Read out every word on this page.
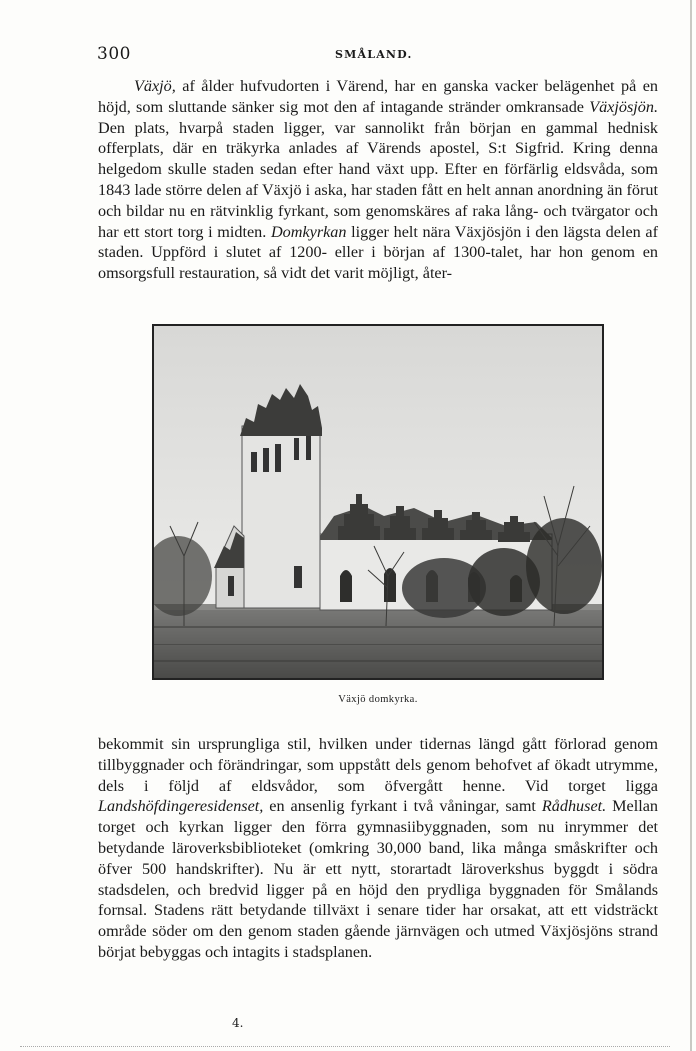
300	SMÅLAND.

Växjö, af ålder hufvudorten i Värend, har en ganska vacker belägenhet på en höjd, som sluttande sänker sig mot den af intagande stränder omkransade Växjösjön. Den plats, hvarpå staden ligger, var sannolikt från början en gammal hednisk offerplats, där en träkyrka anlades af Värends apostel, S:t Sigfrid. Kring denna helgedom skulle staden sedan efter hand växt upp. Efter en förfärlig eldsvåda, som 1843 lade större delen af Växjö i aska, har staden fått en helt annan anordning än förut och bildar nu en rätvinklig fyrkant, som genomskäres af raka lång- och tvärgator och har ett stort torg i midten. Domkyrkan ligger helt nära Växjösjön i den lägsta delen af staden. Uppförd i slutet af 1200- eller i början af 1300-talet, har hon genom en omsorgsfull restauration, så vidt det varit möjligt, åter-

Växjö domkyrka.

bekommit sin ursprungliga stil, hvilken under tidernas längd gått förlorad genom tillbyggnader och förändringar, som uppstått dels genom behofvet af ökadt utrymme, dels i följd af eldsvådor, som öfvergått henne. Vid torget ligga Landshöfdingeresidenset, en ansenlig fyrkant i två våningar, samt Rådhuset. Mellan torget och kyrkan ligger den förra gymnasiibyggnaden, som nu inrymmer det betydande läroverksbiblioteket (omkring 30,000 band, lika många småskrifter och öfver 500 handskrifter). Nu är ett nytt, storartadt läroverkshus byggdt i södra stadsdelen, och bredvid ligger på en höjd den prydliga byggnaden för Smålands fornsal. Stadens rätt betydande tillväxt i senare tider har orsakat, att ett vidsträckt område söder om den genom staden gående järnvägen och utmed Växjösjöns strand börjat bebyggas och intagits i stadsplanen.

4.
